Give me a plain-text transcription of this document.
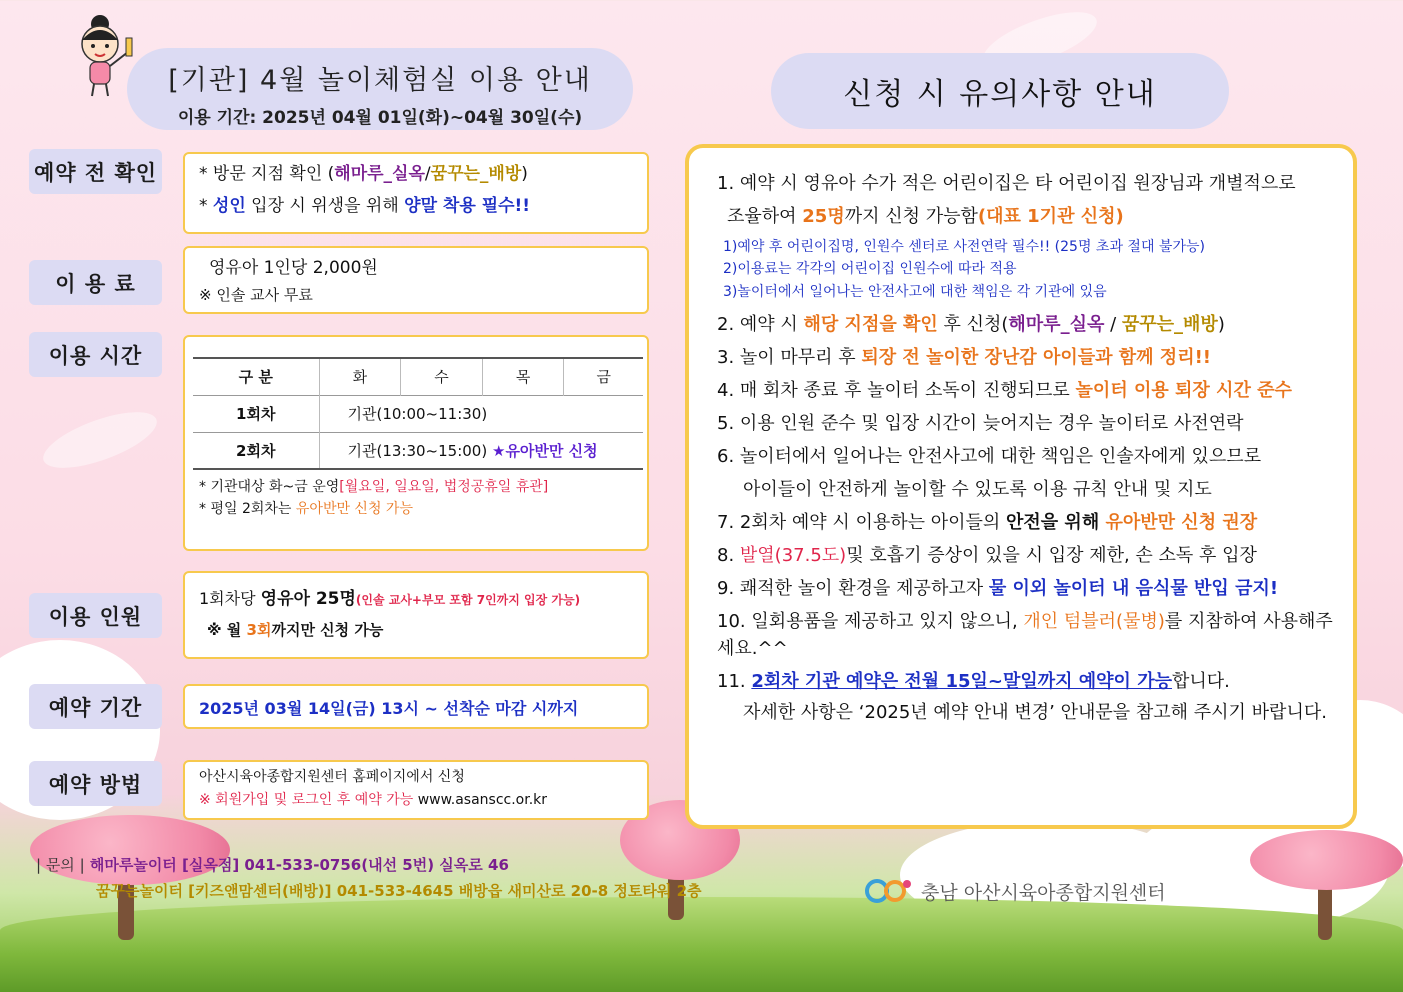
[기관] 4월 놀이체험실 이용 안내
이용 기간: 2025년 04월 01일(화)~04월 30일(수)
예약 전 확인 * 방문 지점 확인 (해마루_실옥/꿈꾸는_배방)
* 성인 입장 시 위생을 위해 양말 착용 필수!!
이 용 료
영유아 1인당 2,000원
※ 인솔 교사 무료
이용 시간
구 분	화	수	목	금
1회차	기관(10:00~11:30)			
2회차	기관(13:30~15:00) ★유아반만 신청			
* 기관대상 화~금 운영[월요일, 일요일, 법정공휴일 휴관]
* 평일 2회차는 유아반만 신청 가능
이용 인원
1회차당 영유아 25명(인솔 교사+부모 포함 7인까지 입장 가능)
※ 월 3회까지만 신청 가능
예약 기간	2025년 03월 14일(금) 13시 ~ 선착순 마감 시까지
예약 방법	아산시육아종합지원센터 홈페이지에서 신청
※ 회원가입 및 로그인 후 예약 가능 www.asanscc.or.kr
| 문의 | 해마루놀이터 [실옥점] 041-533-0756(내선 5번) 실옥로 46
꿈꾸는놀이터 [키즈앤맘센터(배방)] 041-533-4645 배방읍 새미산로 20-8 정토타워 2층
신청 시 유의사항 안내
1. 예약 시 영유아 수가 적은 어린이집은 타 어린이집 원장님과 개별적으로
조율하여 25명까지 신청 가능함(대표 1기관 신청)
1)예약 후 어린이집명, 인원수 센터로 사전연락 필수!! (25명 초과 절대 불가능)
2)이용료는 각각의 어린이집 인원수에 따라 적용
3)놀이터에서 일어나는 안전사고에 대한 책임은 각 기관에 있음
2. 예약 시 해당 지점을 확인 후 신청(해마루_실옥 / 꿈꾸는_배방)
3. 놀이 마무리 후 퇴장 전 놀이한 장난감 아이들과 함께 정리!!
4. 매 회차 종료 후 놀이터 소독이 진행되므로 놀이터 이용 퇴장 시간 준수
5. 이용 인원 준수 및 입장 시간이 늦어지는 경우 놀이터로 사전연락
6. 놀이터에서 일어나는 안전사고에 대한 책임은 인솔자에게 있으므로
아이들이 안전하게 놀이할 수 있도록 이용 규칙 안내 및 지도
7. 2회차 예약 시 이용하는 아이들의 안전을 위해 유아반만 신청 권장
8. 발열(37.5도)및 호흡기 증상이 있을 시 입장 제한, 손 소독 후 입장
9. 쾌적한 놀이 환경을 제공하고자 물 이외 놀이터 내 음식물 반입 금지!
10. 일회용품을 제공하고 있지 않으니, 개인 텀블러(물병)를 지참하여 사용해주세요.^^
11. 2회차 기관 예약은 전월 15일~말일까지 예약이 가능합니다.
자세한 사항은 ‘2025년 예약 안내 변경’ 안내문을 참고해 주시기 바랍니다.
충남 아산시육아종합지원센터
